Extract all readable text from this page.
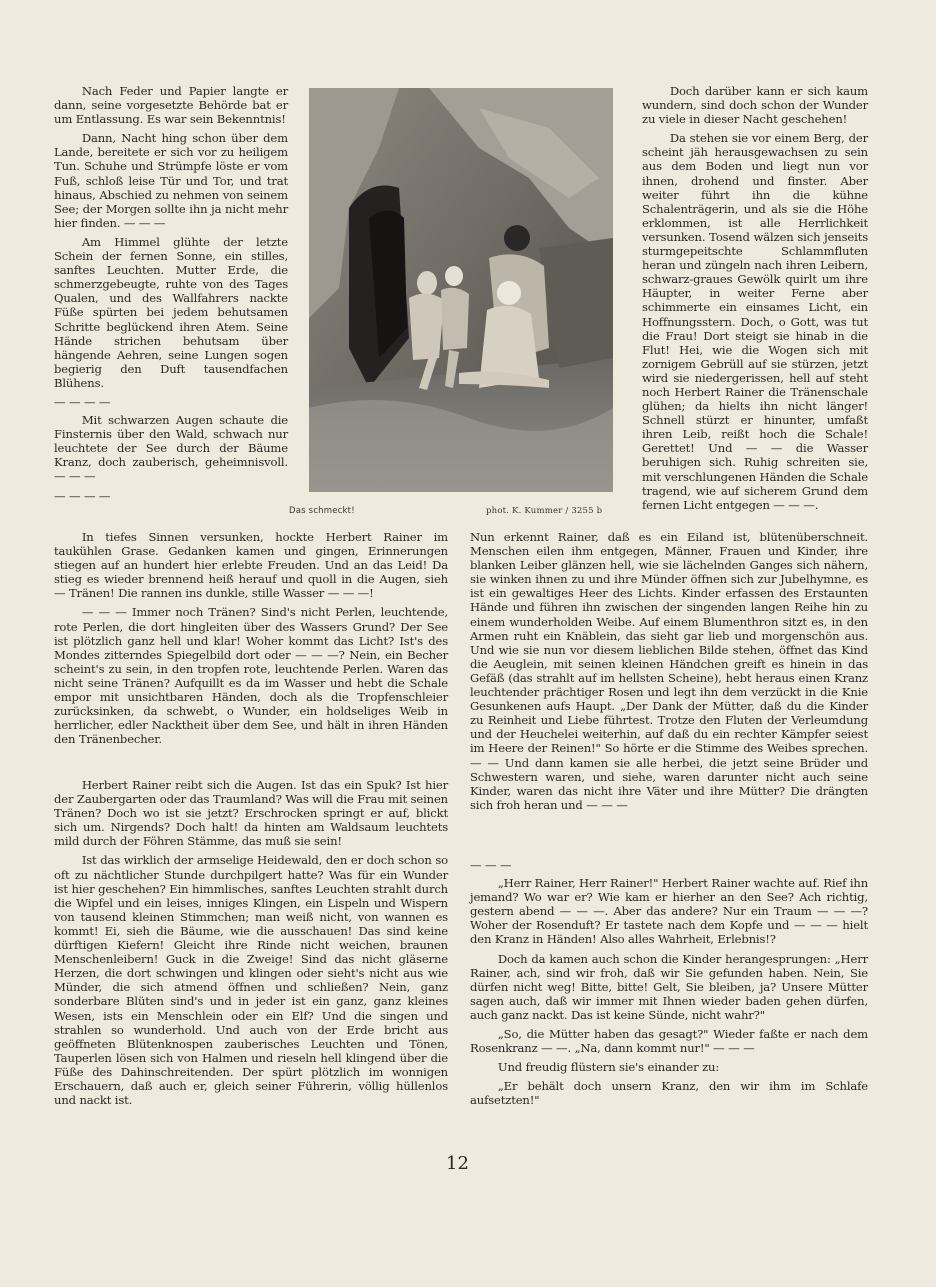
Nach Feder und Papier langte er dann, seine vorgesetzte Behörde bat er um Entlassung. Es war sein Bekenntnis!

Dann, Nacht hing schon über dem Lande, bereitete er sich vor zu heiligem Tun. Schuhe und Strümpfe löste er vom Fuß, schloß leise Tür und Tor, und trat hinaus, Abschied zu nehmen von seinem See; der Morgen sollte ihn ja nicht mehr hier finden. — — —

Am Himmel glühte der letzte Schein der fernen Sonne, ein stilles, sanftes Leuchten. Mutter Erde, die schmerzgebeugte, ruhte von des Tages Qualen, und des Wallfahrers nackte Füße spürten bei jedem behutsamen Schritte beglückend ihren Atem. Seine Hände strichen behutsam über hängende Aehren, seine Lungen sogen begierig den Duft tausendfachen Blühens.

— — — —

Mit schwarzen Augen schaute die Finsternis über den Wald, schwach nur leuchtete der See durch der Bäume Kranz, doch zauberisch, geheimnisvoll. — — —

— — — —

Das schmeckt!	phot. K. Kummer / 3255 b

Doch darüber kann er sich kaum wundern, sind doch schon der Wunder zu viele in dieser Nacht geschehen!

Da stehen sie vor einem Berg, der scheint jäh herausgewachsen zu sein aus dem Boden und liegt nun vor ihnen, drohend und finster. Aber weiter führt ihn die kühne Schalenträgerin, und als sie die Höhe erklommen, ist alle Herrlichkeit versunken. Tosend wälzen sich jenseits sturmgepeitschte Schlammfluten heran und züngeln nach ihren Leibern, schwarz-graues Gewölk quirlt um ihre Häupter, in weiter Ferne aber schimmerte ein einsames Licht, ein Hoffnungsstern. Doch, o Gott, was tut die Frau! Dort steigt sie hinab in die Flut! Hei, wie die Wogen sich mit zornigem Gebrüll auf sie stürzen, jetzt wird sie niedergerissen, hell auf steht noch Herbert Rainer die Tränenschale glühen; da hielts ihn nicht länger! Schnell stürzt er hinunter, umfaßt ihren Leib, reißt hoch die Schale! Gerettet! Und — — die Wasser beruhigen sich. Ruhig schreiten sie, mit verschlungenen Händen die Schale tragend, wie auf sicherem Grund dem fernen Licht entgegen — — —.

In tiefes Sinnen versunken, hockte Herbert Rainer im taukühlen Grase. Gedanken kamen und gingen, Erinnerungen stiegen auf an hundert hier erlebte Freuden. Und an das Leid! Da stieg es wieder brennend heiß herauf und quoll in die Augen, sieh — Tränen! Die rannen ins dunkle, stille Wasser — — —!

— — — Immer noch Tränen? Sind's nicht Perlen, leuchtende, rote Perlen, die dort hingleiten über des Wassers Grund? Der See ist plötzlich ganz hell und klar! Woher kommt das Licht? Ist's des Mondes zitterndes Spiegelbild dort oder — — —? Nein, ein Becher scheint's zu sein, in den tropfen rote, leuchtende Perlen. Waren das nicht seine Tränen? Aufquillt es da im Wasser und hebt die Schale empor mit unsichtbaren Händen, doch als die Tropfenschleier zurücksinken, da schwebt, o Wunder, ein holdseliges Weib in herrlicher, edler Nacktheit über dem See, und hält in ihren Händen den Tränenbecher.

Nun erkennt Rainer, daß es ein Eiland ist, blütenüberschneit. Menschen eilen ihm entgegen, Männer, Frauen und Kinder, ihre blanken Leiber glänzen hell, wie sie lächelnden Ganges sich nähern, sie winken ihnen zu und ihre Münder öffnen sich zur Jubelhymne, es ist ein gewaltiges Heer des Lichts. Kinder erfassen des Erstaunten Hände und führen ihn zwischen der singenden langen Reihe hin zu einem wunderholden Weibe. Auf einem Blumenthron sitzt es, in den Armen ruht ein Knäblein, das sieht gar lieb und morgenschön aus. Und wie sie nun vor diesem lieblichen Bilde stehen, öffnet das Kind die Aeuglein, mit seinen kleinen Händchen greift es hinein in das Gefäß (das strahlt auf im hellsten Scheine), hebt heraus einen Kranz leuchtender prächtiger Rosen und legt ihn dem verzückt in die Knie Gesunkenen aufs Haupt. „Der Dank der Mütter, daß du die Kinder zu Reinheit und Liebe führtest. Trotze den Fluten der Verleumdung und der Heuchelei weiterhin, auf daß du ein rechter Kämpfer seiest im Heere der Reinen!" So hörte er die Stimme des Weibes sprechen. — — Und dann kamen sie alle herbei, die jetzt seine Brüder und Schwestern waren, und siehe, waren darunter nicht auch seine Kinder, waren das nicht ihre Väter und ihre Mütter? Die drängten sich froh heran und — — —

Herbert Rainer reibt sich die Augen. Ist das ein Spuk? Ist hier der Zaubergarten oder das Traumland? Was will die Frau mit seinen Tränen? Doch wo ist sie jetzt? Erschrocken springt er auf, blickt sich um. Nirgends? Doch halt! da hinten am Waldsaum leuchtets mild durch der Föhren Stämme, das muß sie sein!

Ist das wirklich der armselige Heidewald, den er doch schon so oft zu nächtlicher Stunde durchpilgert hatte? Was für ein Wunder ist hier geschehen? Ein himmlisches, sanftes Leuchten strahlt durch die Wipfel und ein leises, inniges Klingen, ein Lispeln und Wispern von tausend kleinen Stimmchen; man weiß nicht, von wannen es kommt! Ei, sieh die Bäume, wie die ausschauen! Das sind keine dürftigen Kiefern! Gleicht ihre Rinde nicht weichen, braunen Menschenleibern! Guck in die Zweige! Sind das nicht gläserne Herzen, die dort schwingen und klingen oder sieht's nicht aus wie Münder, die sich atmend öffnen und schließen? Nein, ganz sonderbare Blüten sind's und in jeder ist ein ganz, ganz kleines Wesen, ists ein Menschlein oder ein Elf? Und die singen und strahlen so wunderhold. Und auch von der Erde bricht aus geöffneten Blütenknospen zauberisches Leuchten und Tönen, Tauperlen lösen sich von Halmen und rieseln hell klingend über die Füße des Dahinschreitenden. Der spürt plötzlich im wonnigen Erschauern, daß auch er, gleich seiner Führerin, völlig hüllenlos und nackt ist.

— — —

„Herr Rainer, Herr Rainer!" Herbert Rainer wachte auf. Rief ihn jemand? Wo war er? Wie kam er hierher an den See? Ach richtig, gestern abend — — —. Aber das andere? Nur ein Traum — — —? Woher der Rosenduft? Er tastete nach dem Kopfe und — — — hielt den Kranz in Händen! Also alles Wahrheit, Erlebnis!?

Doch da kamen auch schon die Kinder herangesprungen: „Herr Rainer, ach, sind wir froh, daß wir Sie gefunden haben. Nein, Sie dürfen nicht weg! Bitte, bitte! Gelt, Sie bleiben, ja? Unsere Mütter sagen auch, daß wir immer mit Ihnen wieder baden gehen dürfen, auch ganz nackt. Das ist keine Sünde, nicht wahr?"

„So, die Mütter haben das gesagt?" Wieder faßte er nach dem Rosenkranz — —. „Na, dann kommt nur!" — — —

Und freudig flüstern sie's einander zu:

„Er behält doch unsern Kranz, den wir ihm im Schlafe aufsetzten!"

12
